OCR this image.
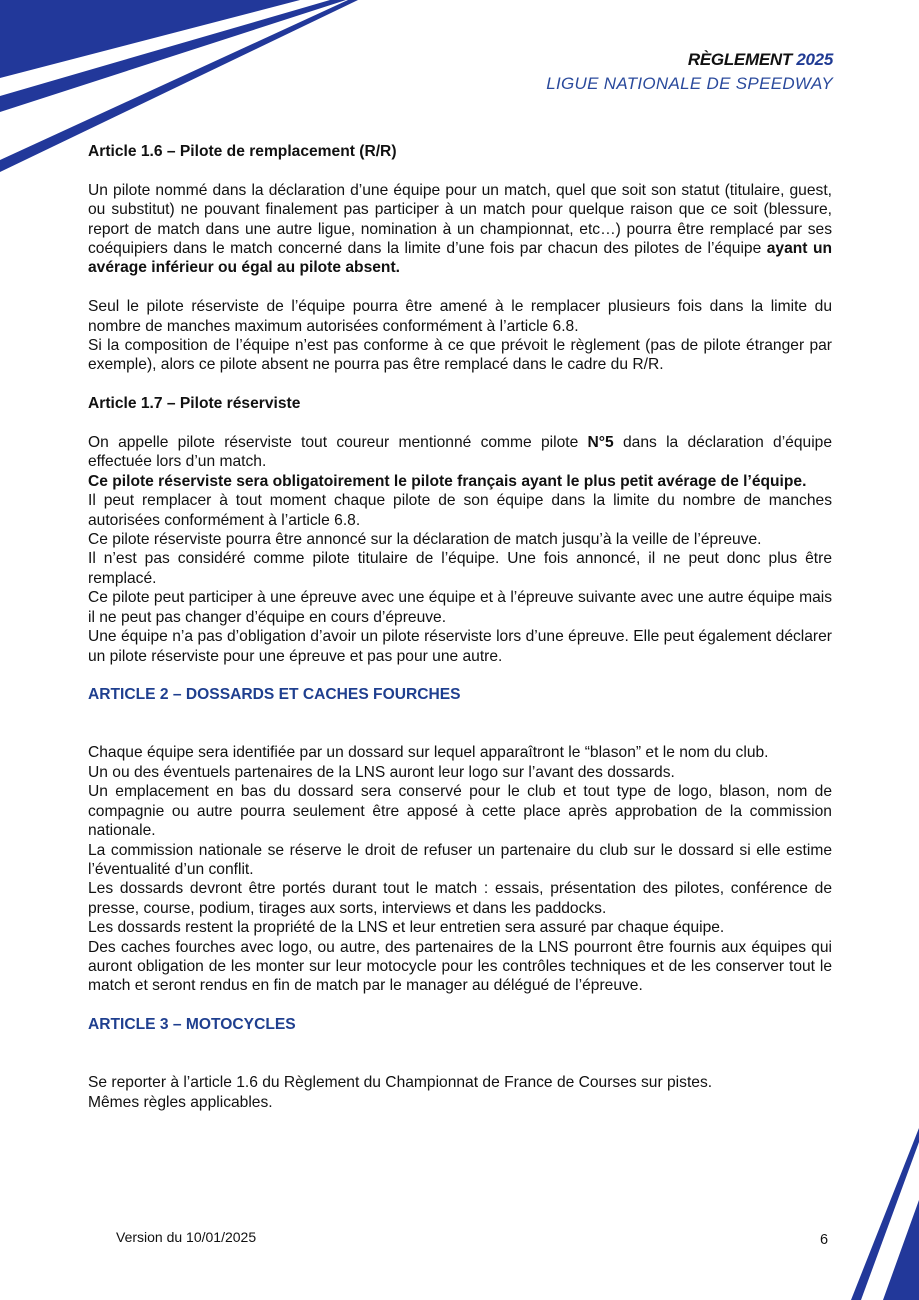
RÈGLEMENT 2025
LIGUE NATIONALE DE SPEEDWAY

Article 1.6 – Pilote de remplacement (R/R)

Un pilote nommé dans la déclaration d’une équipe pour un match, quel que soit son statut (titulaire, guest, ou substitut) ne pouvant finalement pas participer à un match pour quelque raison que ce soit (blessure, report de match dans une autre ligue, nomination à un championnat, etc…) pourra être remplacé par ses coéquipiers dans le match concerné dans la limite d’une fois par chacun des pilotes de l’équipe ayant un avérage inférieur ou égal au pilote absent.

Seul le pilote réserviste de l’équipe pourra être amené à le remplacer plusieurs fois dans la limite du nombre de manches maximum autorisées conformément à l’article 6.8.

Si la composition de l’équipe n’est pas conforme à ce que prévoit le règlement (pas de pilote étranger par exemple), alors ce pilote absent ne pourra pas être remplacé dans le cadre du R/R.

Article 1.7 – Pilote réserviste

On appelle pilote réserviste tout coureur mentionné comme pilote N°5 dans la déclaration d’équipe effectuée lors d’un match.

Ce pilote réserviste sera obligatoirement le pilote français ayant le plus petit avérage de l’équipe.

Il peut remplacer à tout moment chaque pilote de son équipe dans la limite du nombre de manches autorisées conformément à l’article 6.8.

Ce pilote réserviste pourra être annoncé sur la déclaration de match jusqu’à la veille de l’épreuve.

Il n’est pas considéré comme pilote titulaire de l’équipe. Une fois annoncé, il ne peut donc plus être remplacé.

Ce pilote peut participer à une épreuve avec une équipe et à l’épreuve suivante avec une autre équipe mais il ne peut pas changer d’équipe en cours d’épreuve.

Une équipe n’a pas d’obligation d’avoir un pilote réserviste lors d’une épreuve. Elle peut également déclarer un pilote réserviste pour une épreuve et pas pour une autre.

ARTICLE 2 – DOSSARDS ET CACHES FOURCHES

Chaque équipe sera identifiée par un dossard sur lequel apparaîtront le “blason” et le nom du club.

Un ou des éventuels partenaires de la LNS auront leur logo sur l’avant des dossards.

Un emplacement en bas du dossard sera conservé pour le club et tout type de logo, blason, nom de compagnie ou autre pourra seulement être apposé à cette place après approbation de la commission nationale.

La commission nationale se réserve le droit de refuser un partenaire du club sur le dossard si elle estime l’éventualité d’un conflit.

Les dossards devront être portés durant tout le match : essais, présentation des pilotes, conférence de presse, course, podium, tirages aux sorts, interviews et dans les paddocks.

Les dossards restent la propriété de la LNS et leur entretien sera assuré par chaque équipe.

Des caches fourches avec logo, ou autre, des partenaires de la LNS pourront être fournis aux équipes qui auront obligation de les monter sur leur motocycle pour les contrôles techniques et de les conserver tout le match et seront rendus en fin de match par le manager au délégué de l’épreuve.

ARTICLE 3 – MOTOCYCLES

Se reporter à l’article 1.6 du Règlement du Championnat de France de Courses sur pistes.

Mêmes règles applicables.

Version du 10/01/2025	6
